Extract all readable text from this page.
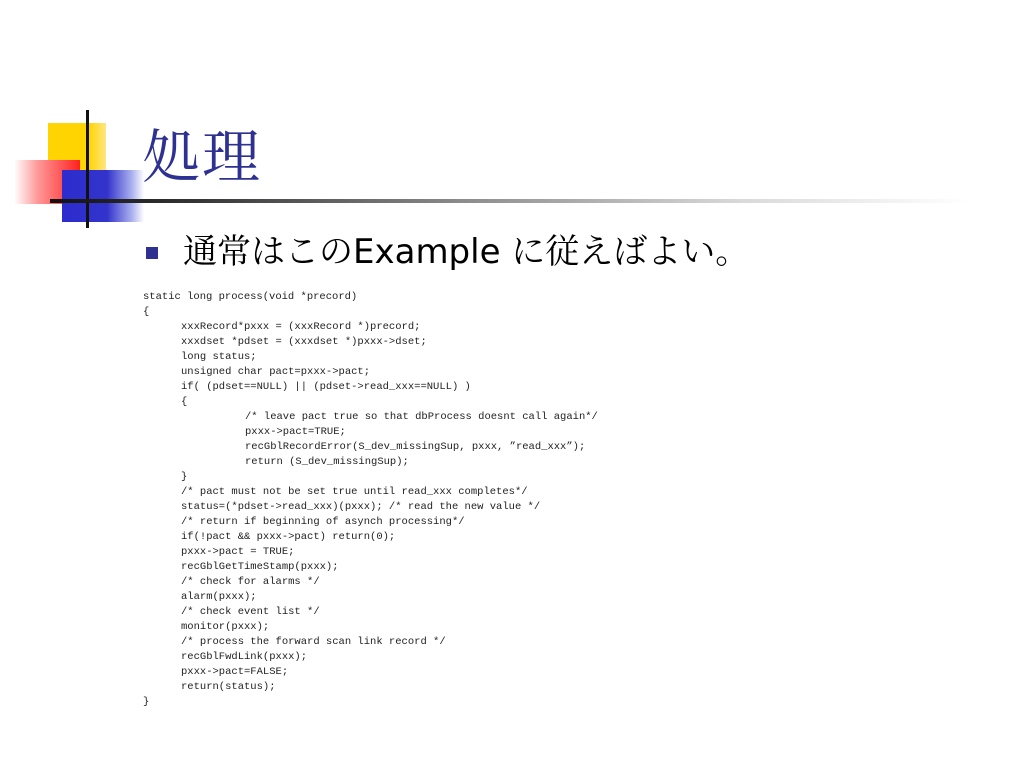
処理
通常はこのExample に従えばよい。
static long process(void *precord)
{
xxxRecord*pxxx = (xxxRecord *)precord;
xxxdset *pdset = (xxxdset *)pxxx->dset;
long status;
unsigned char pact=pxxx->pact;
if( (pdset==NULL) || (pdset->read_xxx==NULL) )
{
/* leave pact true so that dbProcess doesnt call again*/
pxxx->pact=TRUE;
recGblRecordError(S_dev_missingSup, pxxx, ”read_xxx”);
return (S_dev_missingSup);
}
/* pact must not be set true until read_xxx completes*/
status=(*pdset->read_xxx)(pxxx); /* read the new value */
/* return if beginning of asynch processing*/
if(!pact && pxxx->pact) return(0);
pxxx->pact = TRUE;
recGblGetTimeStamp(pxxx);
/* check for alarms */
alarm(pxxx);
/* check event list */
monitor(pxxx);
/* process the forward scan link record */
recGblFwdLink(pxxx);
pxxx->pact=FALSE;
return(status);
}
